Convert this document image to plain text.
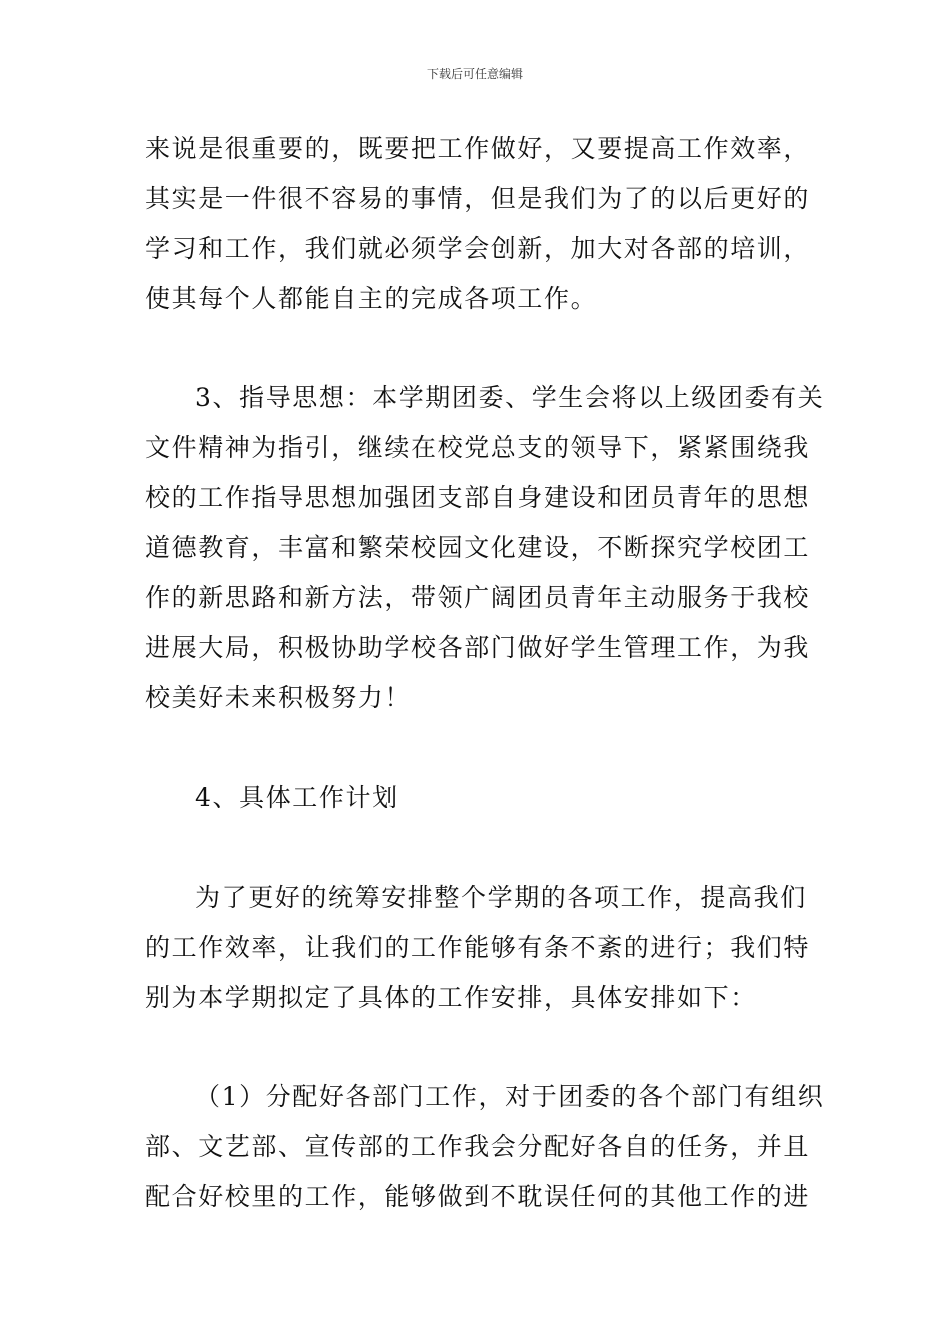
下载后可任意编辑
来说是很重要的，既要把工作做好，又要提高工作效率，
其实是一件很不容易的事情，但是我们为了的以后更好的
学习和工作，我们就必须学会创新，加大对各部的培训，
使其每个人都能自主的完成各项工作。
3、指导思想：本学期团委、学生会将以上级团委有关
文件精神为指引，继续在校党总支的领导下，紧紧围绕我
校的工作指导思想加强团支部自身建设和团员青年的思想
道德教育，丰富和繁荣校园文化建设，不断探究学校团工
作的新思路和新方法，带领广阔团员青年主动服务于我校
进展大局，积极协助学校各部门做好学生管理工作，为我
校美好未来积极努力！
4、具体工作计划
为了更好的统筹安排整个学期的各项工作，提高我们
的工作效率，让我们的工作能够有条不紊的进行；我们特
别为本学期拟定了具体的工作安排，具体安排如下：
（1）分配好各部门工作，对于团委的各个部门有组织
部、文艺部、宣传部的工作我会分配好各自的任务，并且
配合好校里的工作，能够做到不耽误任何的其他工作的进
